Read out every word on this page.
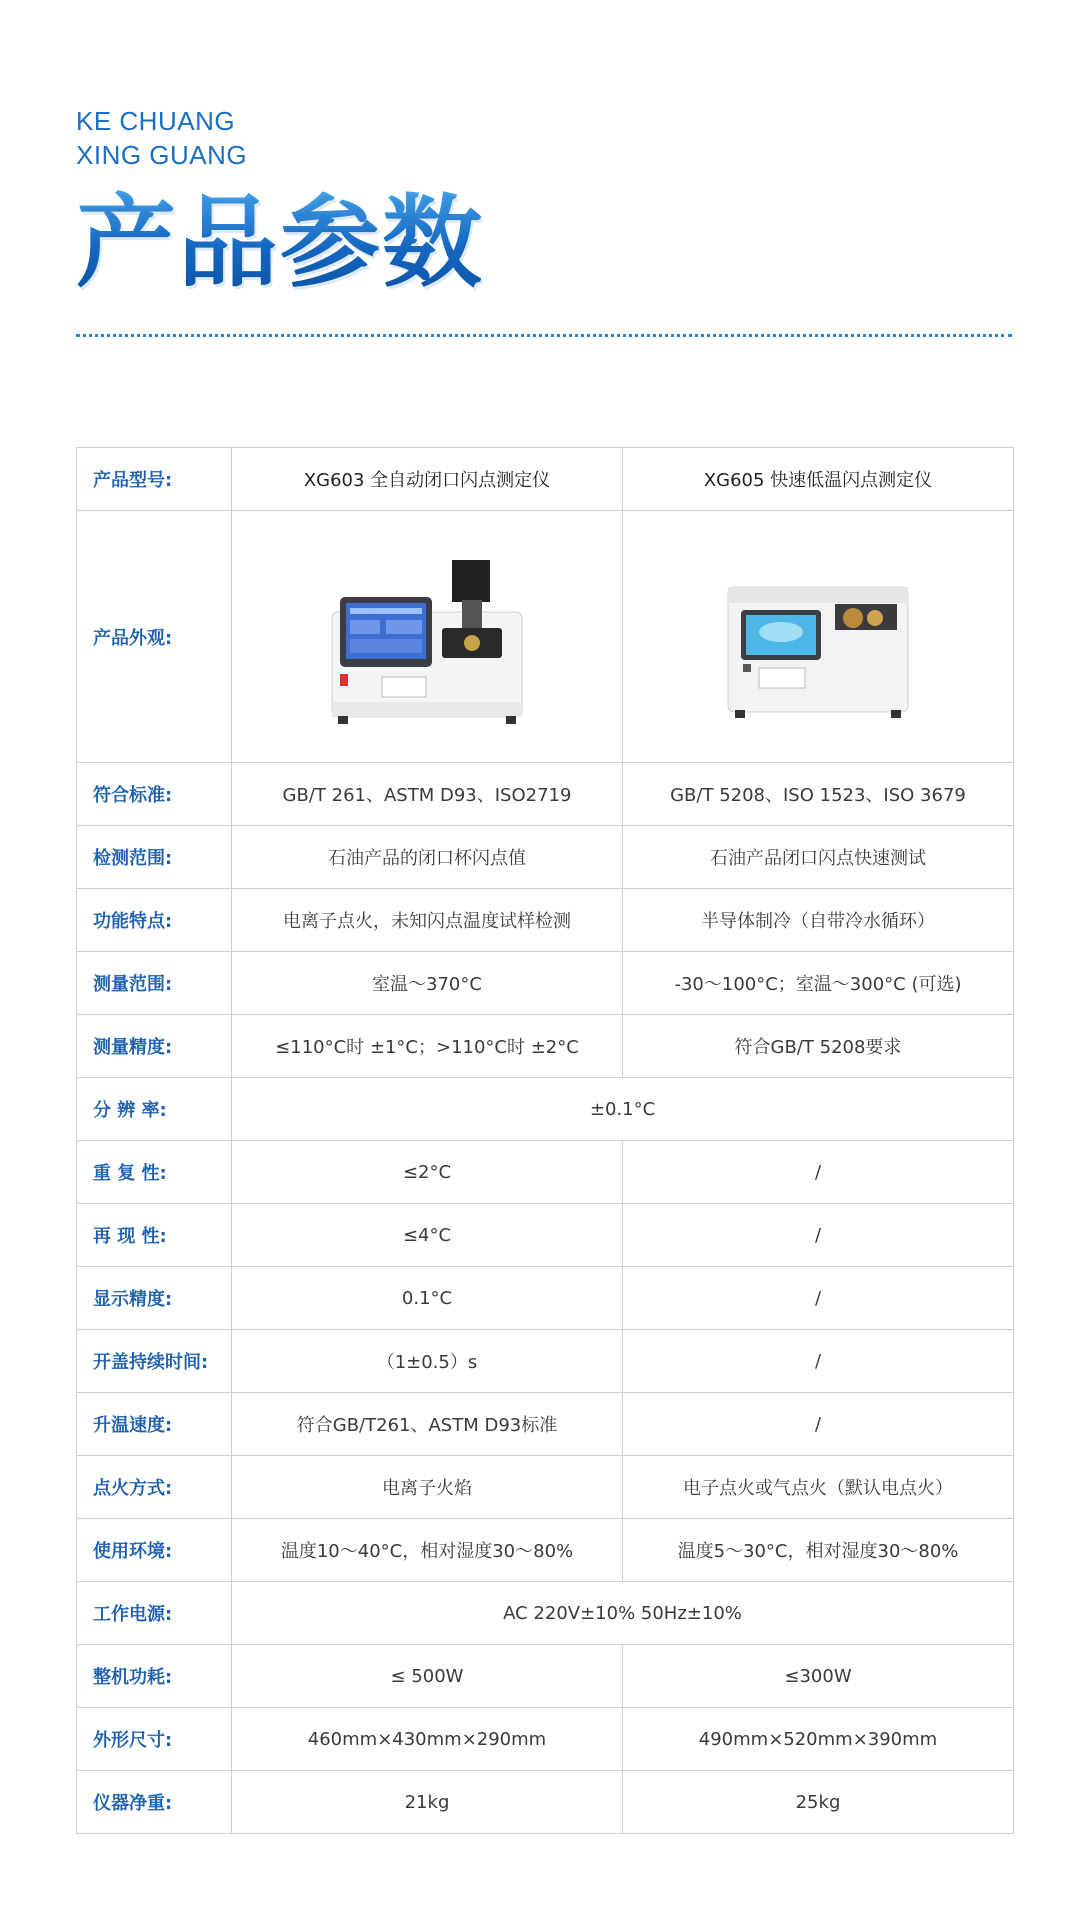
KE CHUANG
XING GUANG
产品参数
产品型号:	XG603 全自动闭口闪点测定仪	XG605 快速低温闪点测定仪
产品外观:	

符合标准:	GB/T 261、ASTM D93、ISO2719	GB/T 5208、ISO 1523、ISO 3679
检测范围:	石油产品的闭口杯闪点值	石油产品闭口闪点快速测试
功能特点:	电离子点火，未知闪点温度试样检测	半导体制冷（自带冷水循环）
测量范围:	室温～370°C	-30～100°C；室温～300°C (可选)
测量精度:	≤110°C时 ±1°C；>110°C时 ±2°C	符合GB/T 5208要求
分 辨 率:	±0.1°C	
重 复 性:	≤2°C	/
再 现 性:	≤4°C	/
显示精度:	0.1°C	/
开盖持续时间:	（1±0.5）s	/
升温速度:	符合GB/T261、ASTM D93标准	/
点火方式:	电离子火焰	电子点火或气点火（默认电点火）
使用环境:	温度10～40°C，相对湿度30～80%	温度5～30°C，相对湿度30～80%
工作电源:	AC 220V±10% 50Hz±10%	
整机功耗:	≤ 500W	≤300W
外形尺寸:	460mm×430mm×290mm	490mm×520mm×390mm
仪器净重:	21kg	25kg
